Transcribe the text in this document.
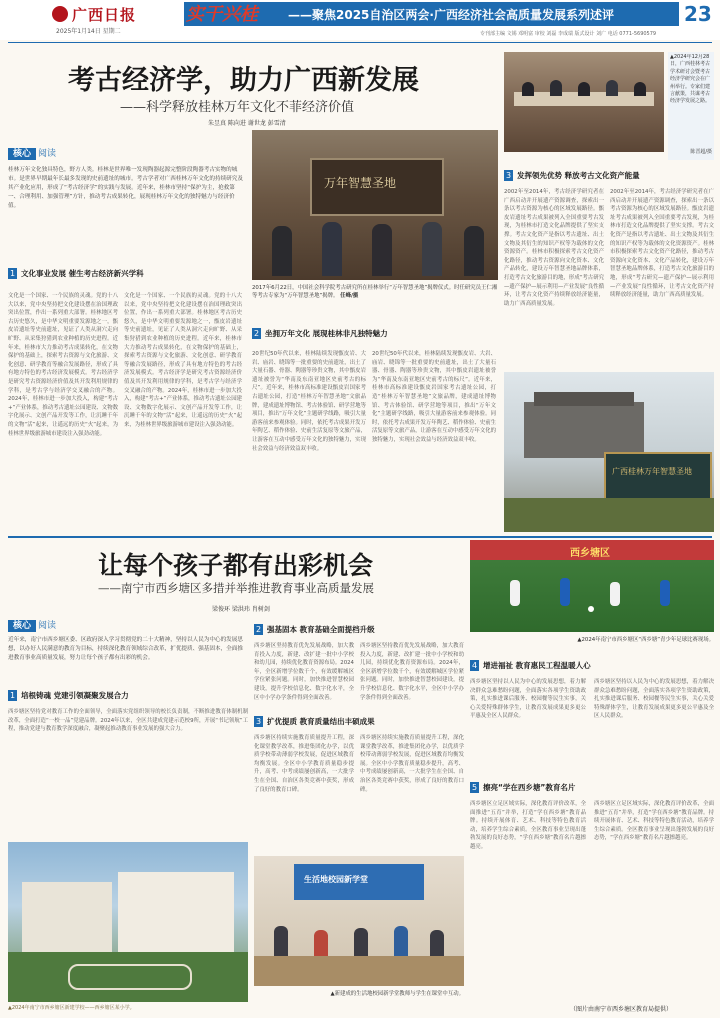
广西日报
2025年1月14日 星期二
实干兴桂	——聚焦2025自治区两会·广西经济社会高质量发展系列述评	23
专刊部主编 文锡 邓明富 审校 刘磊 李成瑞 版式设计 刘广 电话 0771-5690579
考古经济学，助力广西新发展
——科学释放桂林万年文化不菲经济价值
朱昱真 陈向进 谢世龙 彭雪清
核心 阅读
桂林万年文化独具特色，野方人类。桂林是世界唯一发现陶器起源完整阶段陶器考古实物的城市。是世界早期最年长最多发现的史前遗址的城市。考古学者对广西桂林万年文化的持续研究及其产业化应用，形成了“考古经济学”的实践与发展。近年来，桂林市坚持“保护为主，抢救第一、合理利用、加强管理”方针，推动考古成果转化，展现桂林万年文化的独特魅力与经济价值。
万年智慧圣地
2017年6月22日，中国社会科学院考古研究所在桂林举行“万年智慧圣地”揭牌仪式。时任研究员王仁湘等考古专家为“万年智慧圣地”揭牌。 任峰/摄
▲2024年12月28日，广西桂林考古学术研讨会暨考古经济学研究会在广州举行。专家们建言献策，共谋考古经济学发展之路。
陈晋超/摄
1 文化事业发展 催生考古经济新兴学科
文化是一个国家、一个民族的灵魂。党的十八大以来，党中央坚持把文化建设摆在治国理政突出位置，作出一系列重大部署。桂林地区考古历史悠久，是中华文明重要发源地之一，甑皮岩遗址等史前遗址，见证了人类从洞穴走向旷野、从采集狩猎到农业种植的历史进程。近年来，桂林市大力推动考古成果转化，在文物保护的基础上，探索考古资源与文化旅游、文化创意、研学教育等融合发展路径，形成了具有地方特色的考古经济发展模式。考古经济学是研究考古资源经济价值及其开发利用规律的学科，是考古学与经济学交叉融合的产物。2024年，桂林市进一步加大投入，构建“考古+”产业体系，推动考古遗址公园建设、文物数字化展示、文创产品开发等工作，让沉睡千年的文物“活”起来，让遥远的历史“火”起来，为桂林世界级旅游城市建设注入强劲动能。
文化是一个国家、一个民族的灵魂。党的十八大以来，党中央坚持把文化建设摆在治国理政突出位置，作出一系列重大部署。桂林地区考古历史悠久，是中华文明重要发源地之一，甑皮岩遗址等史前遗址，见证了人类从洞穴走向旷野、从采集狩猎到农业种植的历史进程。近年来，桂林市大力推动考古成果转化，在文物保护的基础上，探索考古资源与文化旅游、文化创意、研学教育等融合发展路径，形成了具有地方特色的考古经济发展模式。考古经济学是研究考古资源经济价值及其开发利用规律的学科，是考古学与经济学交叉融合的产物。2024年，桂林市进一步加大投入，构建“考古+”产业体系，推动考古遗址公园建设、文物数字化展示、文创产品开发等工作，让沉睡千年的文物“活”起来，让遥远的历史“火”起来，为桂林世界级旅游城市建设注入强劲动能。
2 坐拥万年文化 展现桂林非凡独特魅力
20世纪50年代以来，桂林陆续发现甑皮岩、大岩、庙岩、晓锦等一批重要的史前遗址，出土了大量石器、骨器、陶器等珍贵文物，其中甑皮岩遗址被誉为“华南及东南亚地区史前考古的标尺”。近年来，桂林市高标准建设甑皮岩国家考古遗址公园，打造“桂林万年智慧圣地”文旅品牌，建成遗址博物馆、考古体验馆、研学营地等项目，推出“万年文化”主题研学线路，吸引大量游客前来参观体验。同时，依托考古成果开发万年陶艺、稻作体验、史前生活复原等文旅产品，让游客在互动中感受万年文化的独特魅力，实现社会效益与经济效益双丰收。
20世纪50年代以来，桂林陆续发现甑皮岩、大岩、庙岩、晓锦等一批重要的史前遗址，出土了大量石器、骨器、陶器等珍贵文物，其中甑皮岩遗址被誉为“华南及东南亚地区史前考古的标尺”。近年来，桂林市高标准建设甑皮岩国家考古遗址公园，打造“桂林万年智慧圣地”文旅品牌，建成遗址博物馆、考古体验馆、研学营地等项目，推出“万年文化”主题研学线路，吸引大量游客前来参观体验。同时，依托考古成果开发万年陶艺、稻作体验、史前生活复原等文旅产品，让游客在互动中感受万年文化的独特魅力，实现社会效益与经济效益双丰收。
3 发挥领先优势 释放考古文化资产能量
2002年至2014年，考古经济学研究者在广西启动并开展遗产资源调查，探索出一条以考古资源为核心的区域发展路径。甑皮岩遗址考古成果被列入全国重要考古发现，为桂林市打造文化品牌提供了坚实支撑。考古文化资产是指以考古遗址、出土文物及其衍生的知识产权等为载体的文化资源资产。桂林市积极探索考古文化资产化路径，推动考古资源向文化资本、文化产品转化，建设万年智慧圣地品牌体系，打造考古文化旅游目的地，形成“考古研究—遗产保护—展示利用—产业发展”良性循环，让考古文化资产持续释放经济能量，助力广西高质量发展。
2002年至2014年，考古经济学研究者在广西启动并开展遗产资源调查，探索出一条以考古资源为核心的区域发展路径。甑皮岩遗址考古成果被列入全国重要考古发现，为桂林市打造文化品牌提供了坚实支撑。考古文化资产是指以考古遗址、出土文物及其衍生的知识产权等为载体的文化资源资产。桂林市积极探索考古文化资产化路径，推动考古资源向文化资本、文化产品转化，建设万年智慧圣地品牌体系，打造考古文化旅游目的地，形成“考古研究—遗产保护—展示利用—产业发展”良性循环，让考古文化资产持续释放经济能量，助力广西高质量发展。
广西桂林万年智慧圣地
让每个孩子都有出彩机会
——南宁市西乡塘区多措并举推进教育事业高质量发展
梁俊环 梁洪玮 肖树剑
西乡塘区
▲2024年南宁市西乡塘区“西乡塘”青少年足球比赛现场。
核心 阅读
近年来，南宁市西乡塘区委、区政府深入学习贯彻党的二十大精神，坚持以人民为中心的发展思想，以办好人民满意的教育为目标，持续深化教育领域综合改革，扩优提质、强基固本，全面推进教育事业高质量发展，努力让每个孩子都有出彩的机会。
1 培根铸魂 党建引领凝聚发展合力
西乡塘区坚持党对教育工作的全面领导，全面落实党组织领导的校长负责制，不断推进教育体制机制改革，全面打造“一校一品”党建品牌。2024年以来，全区共建成党建示范校9所，开展“书记领航”工程，推动党建与教育教学深度融合，凝聚起推动教育事业发展的强大合力。
▲2024年南宁市西乡塘区新建学校——西乡塘区某小学。
2 强基固本 教育基础全面提档升级
西乡塘区坚持教育优先发展战略，加大教育投入力度，新建、改扩建一批中小学校和幼儿园，持续优化教育资源布局。2024年，全区新增学位数千个，有效缓解城区学位紧张问题。同时，加快推进智慧校园建设，提升学校信息化、数字化水平，全区中小学办学条件得到全面改善。
西乡塘区坚持教育优先发展战略，加大教育投入力度，新建、改扩建一批中小学校和幼儿园，持续优化教育资源布局。2024年，全区新增学位数千个，有效缓解城区学位紧张问题。同时，加快推进智慧校园建设，提升学校信息化、数字化水平，全区中小学办学条件得到全面改善。
3 扩优提质 教育质量结出丰硕成果
西乡塘区持续实施教育质量提升工程，深化课堂教学改革，推进集团化办学，以优质学校带动薄弱学校发展，促进区域教育均衡发展。全区中小学教育质量稳步提升，高考、中考成绩屡创新高，一大批学生在全国、自治区各类竞赛中获奖，形成了良好的教育口碑。
西乡塘区持续实施教育质量提升工程，深化课堂教学改革，推进集团化办学，以优质学校带动薄弱学校发展，促进区域教育均衡发展。全区中小学教育质量稳步提升，高考、中考成绩屡创新高，一大批学生在全国、自治区各类竞赛中获奖，形成了良好的教育口碑。
生活地校园新学堂
▲新建成的生活地校园新学堂教师与学生在课堂中互动。
4 增进福祉 教育惠民工程温暖人心
西乡塘区坚持以人民为中心的发展思想，着力解决群众急难愁盼问题，全面落实各项学生资助政策，扎实推进课后服务、校园餐等民生实事，关心关爱特殊群体学生，让教育发展成果更多更公平惠及全区人民群众。
西乡塘区坚持以人民为中心的发展思想，着力解决群众急难愁盼问题，全面落实各项学生资助政策，扎实推进课后服务、校园餐等民生实事，关心关爱特殊群体学生，让教育发展成果更多更公平惠及全区人民群众。
5 擦亮“学在西乡塘”教育名片
西乡塘区立足区域实际，深化教育评价改革，全面推进“五育”并举，打造“学在西乡塘”教育品牌。持续开展体育、艺术、科技等特色教育活动，培养学生综合素质。全区教育事业呈现出蓬勃发展的良好态势，“学在西乡塘”教育名片越擦越亮。
西乡塘区立足区域实际，深化教育评价改革，全面推进“五育”并举，打造“学在西乡塘”教育品牌。持续开展体育、艺术、科技等特色教育活动，培养学生综合素质。全区教育事业呈现出蓬勃发展的良好态势，“学在西乡塘”教育名片越擦越亮。
（图片由南宁市西乡塘区教育局提供）
